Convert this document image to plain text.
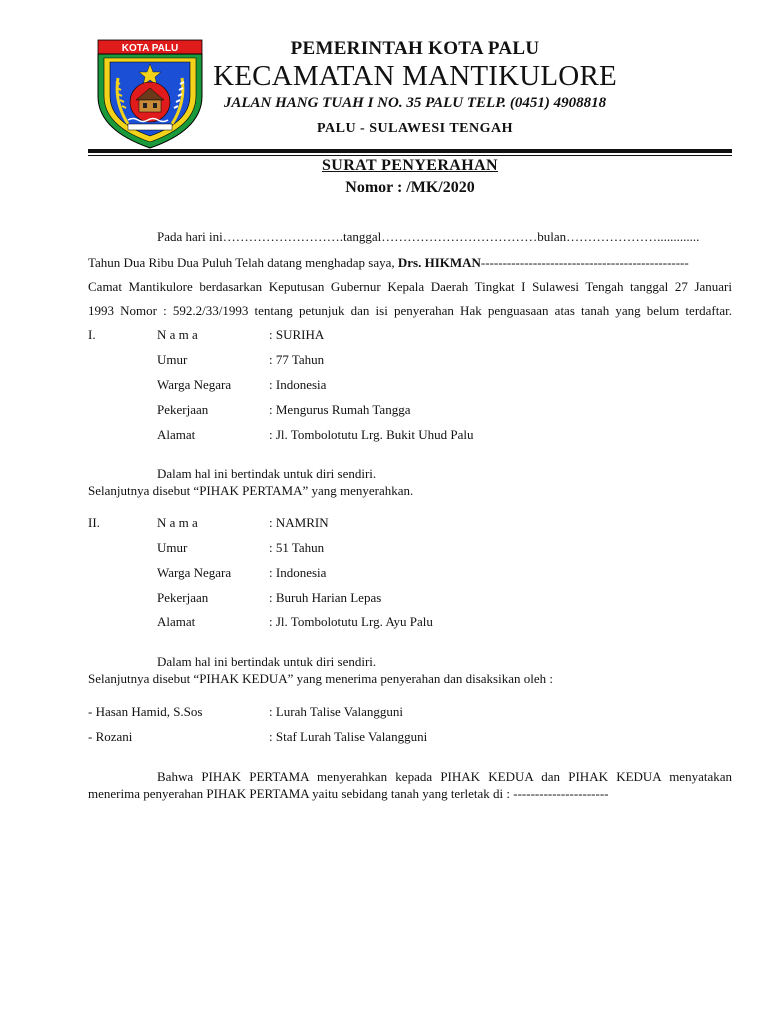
KOTA PALU	PEMERINTAH KOTA PALU
KECAMATAN MANTIKULORE
JALAN HANG TUAH I NO. 35 PALU TELP. (0451) 4908818
PALU - SULAWESI TENGAH
SURAT PENYERAHAN
Nomor : /MK/2020
Pada hari ini……………………….tanggal………………………………bulan………………….............
Tahun Dua Ribu Dua Puluh Telah datang menghadap saya, Drs. HIKMAN------------------------------------------------
Camat Mantikulore berdasarkan Keputusan Gubernur Kepala Daerah Tingkat I Sulawesi Tengah tanggal 27 Januari
1993 Nomor : 592.2/33/1993 tentang petunjuk dan isi penyerahan Hak penguasaan atas tanah yang belum terdaftar.
I.	N a m a	: SURIHA
Umur	: 77 Tahun
Warga Negara	: Indonesia
Pekerjaan	: Mengurus Rumah Tangga
Alamat	: Jl. Tombolotutu Lrg. Bukit Uhud Palu
Dalam hal ini bertindak untuk diri sendiri.
Selanjutnya disebut “PIHAK PERTAMA” yang menyerahkan.
II.	N a m a	: NAMRIN
Umur	: 51 Tahun
Warga Negara	: Indonesia
Pekerjaan	: Buruh Harian Lepas
Alamat	: Jl. Tombolotutu Lrg. Ayu Palu
Dalam hal ini bertindak untuk diri sendiri.
Selanjutnya disebut “PIHAK KEDUA” yang menerima penyerahan dan disaksikan oleh :
- Hasan Hamid, S.Sos	: Lurah Talise Valangguni
- Rozani	: Staf Lurah Talise Valangguni
Bahwa PIHAK PERTAMA menyerahkan kepada PIHAK KEDUA dan PIHAK KEDUA menyatakan
menerima penyerahan PIHAK PERTAMA yaitu sebidang tanah yang terletak di : ----------------------
